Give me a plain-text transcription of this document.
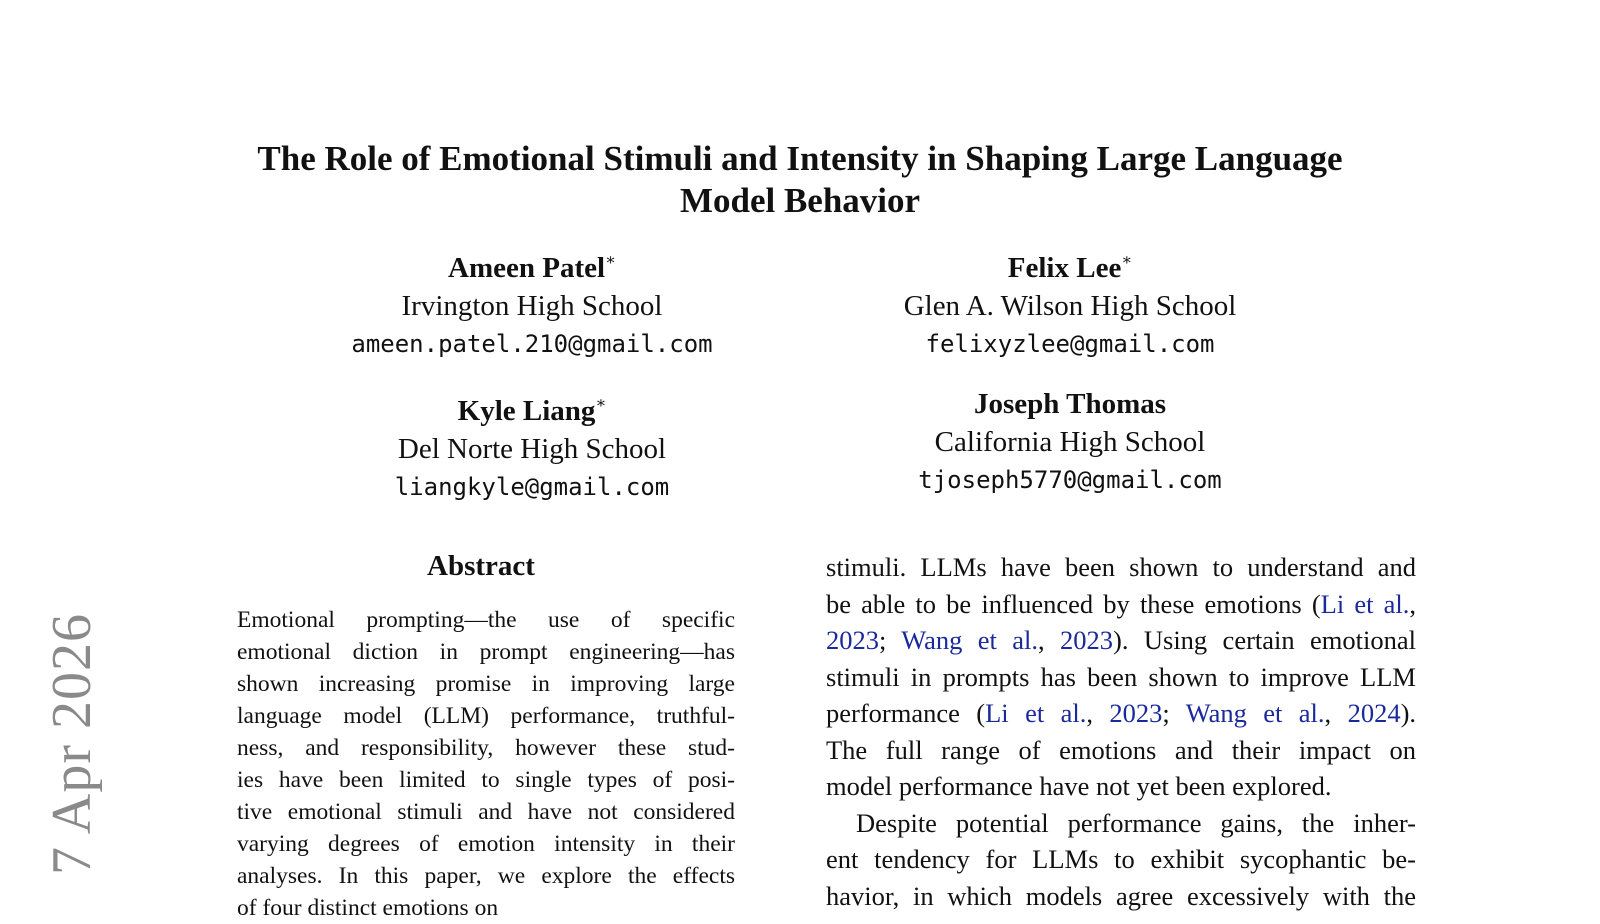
The Role of Emotional Stimuli and Intensity in Shaping Large Language
Model Behavior
Ameen Patel∗
Irvington High School
ameen.patel.210@gmail.com
Felix Lee∗
Glen A. Wilson High School
felixyzlee@gmail.com
Kyle Liang∗
Del Norte High School
liangkyle@gmail.com
Joseph Thomas
California High School
tjoseph5770@gmail.com
7 Apr 2026
Abstract
Emotional prompting—the use of specific
emotional diction in prompt engineering—has
shown increasing promise in improving large
language model (LLM) performance, truthful-
ness, and responsibility, however these stud-
ies have been limited to single types of posi-
tive emotional stimuli and have not considered
varying degrees of emotion intensity in their
analyses. In this paper, we explore the effects
of four distinct emotions on
stimuli. LLMs have been shown to understand and
be able to be influenced by these emotions (Li et al.,
2023; Wang et al., 2023). Using certain emotional
stimuli in prompts has been shown to improve LLM
performance (Li et al., 2023; Wang et al., 2024).
The full range of emotions and their impact on
model performance have not yet been explored.
Despite potential performance gains, the inher-
ent tendency for LLMs to exhibit sycophantic be-
havior, in which models agree excessively with the
